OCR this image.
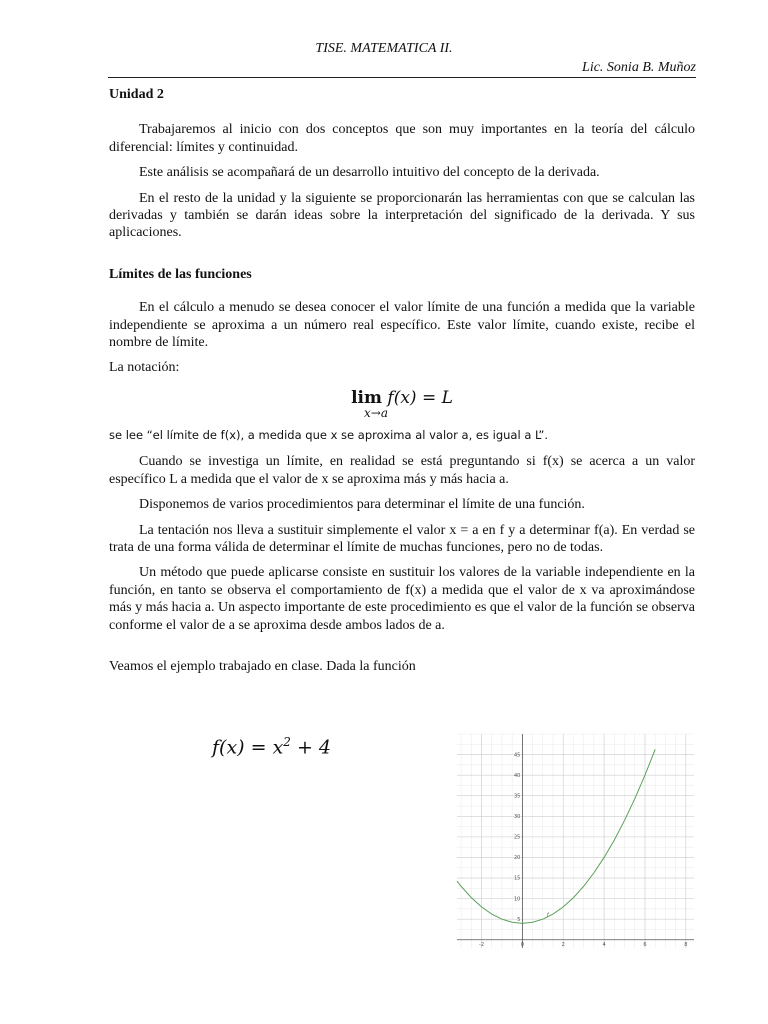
TISE. MATEMATICA II.
Lic. Sonia B. Muñoz
Unidad 2

Trabajaremos al inicio con dos conceptos que son muy importantes en la teoría del cálculo diferencial: límites y continuidad.

Este análisis se acompañará de un desarrollo intuitivo del concepto de la derivada.

En el resto de la unidad y la siguiente se proporcionarán las herramientas con que se calculan las derivadas y también se darán ideas sobre la interpretación del significado de la derivada. Y sus aplicaciones.

Límites de las funciones

En el cálculo a menudo se desea conocer el valor límite de una función a medida que la variable independiente se aproxima a un número real específico. Este valor límite, cuando existe, recibe el nombre de límite.

La notación:

lim f(x) = L
x→a

se lee “el límite de f(x), a medida que x se aproxima al valor a, es igual a L”.

Cuando se investiga un límite, en realidad se está preguntando si f(x) se acerca a un valor específico L a medida que el valor de x se aproxima más y más hacia a.

Disponemos de varios procedimientos para determinar el límite de una función.

La tentación nos lleva a sustituir simplemente el valor x = a en f y a determinar f(a). En verdad se trata de una forma válida de determinar el límite de muchas funciones, pero no de todas.

Un método que puede aplicarse consiste en sustituir los valores de la variable independiente en la función, en tanto se observa el comportamiento de f(x) a medida que el valor de x va aproximándose más y más hacia a. Un aspecto importante de este procedimiento es que el valor de la función se observa conforme el valor de a se aproxima desde ambos lados de a.

Veamos el ejemplo trabajado en clase. Dada la función

$f(x) = x^2 + 4$
-2	0	2	4	6	8
5
10
15
20
25
30
35
40
45
f
